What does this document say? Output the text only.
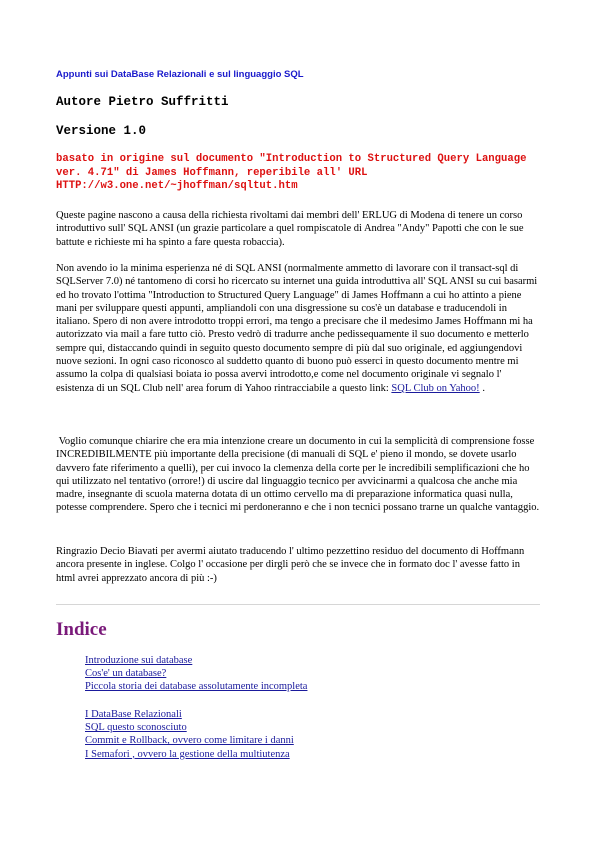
Appunti sui DataBase Relazionali e sul linguaggio SQL
Autore Pietro Suffritti
Versione 1.0
basato in origine sul documento "Introduction to Structured Query Language ver. 4.71" di James Hoffmann, reperibile all' URL HTTP://w3.one.net/~jhoffman/sqltut.htm

Queste pagine nascono a causa della richiesta rivoltami dai membri dell' ERLUG di Modena di tenere un corso introduttivo sull' SQL ANSI (un grazie particolare a quel rompiscatole di Andrea "Andy" Papotti che con le sue battute e richieste mi ha spinto a fare questa robaccia).

Non avendo io la minima esperienza né di SQL ANSI (normalmente ammetto di lavorare con il transact-sql di SQLServer 7.0) né tantomeno di corsi ho ricercato su internet una guida introduttiva all' SQL ANSI su cui basarmi ed ho trovato l'ottima "Introduction to Structured Query Language" di James Hoffmann a cui ho attinto a piene mani per sviluppare questi appunti, ampliandoli con una disgressione su cos'è un database e traducendoli in italiano. Spero di non avere introdotto troppi errori, ma tengo a precisare che il medesimo James Hoffmann mi ha autorizzato via mail a fare tutto ciò. Presto vedrò di tradurre anche pedissequamente il suo documento e metterlo sempre qui, distaccando quindi in seguito questo documento sempre di più dal suo originale, ed aggiungendovi nuove sezioni. In ogni caso riconosco al suddetto quanto di buono può esserci in questo documento mentre mi assumo la colpa di qualsiasi boiata io possa avervi introdotto,e come nel documento originale vi segnalo l' esistenza di un SQL Club nell' area forum di Yahoo rintracciabile a questo link: SQL Club on Yahoo! .

Voglio comunque chiarire che era mia intenzione creare un documento in cui la semplicità di comprensione fosse INCREDIBILMENTE più importante della precisione (di manuali di SQL e' pieno il mondo, se dovete usarlo davvero fate riferimento a quelli), per cui invoco la clemenza della corte per le incredibili semplificazioni che ho qui utilizzato nel tentativo (orrore!) di uscire dal linguaggio tecnico per avvicinarmi a qualcosa che anche mia madre, insegnante di scuola materna dotata di un ottimo cervello ma di preparazione informatica quasi nulla, potesse comprendere. Spero che i tecnici mi perdoneranno e che i non tecnici possano trarne un qualche vantaggio.

Ringrazio Decio Biavati per avermi aiutato traducendo l' ultimo pezzettino residuo del documento di Hoffmann ancora presente in inglese. Colgo l' occasione per dirgli però che se invece che in formato doc l' avesse fatto in html avrei apprezzato ancora di più :-)

Indice
Introduzione sui database
Cos'e' un database?
Piccola storia dei database assolutamente incompleta
I DataBase Relazionali
SQL questo sconosciuto
Commit e Rollback, ovvero come limitare i danni
I Semafori , ovvero la gestione della multiutenza
